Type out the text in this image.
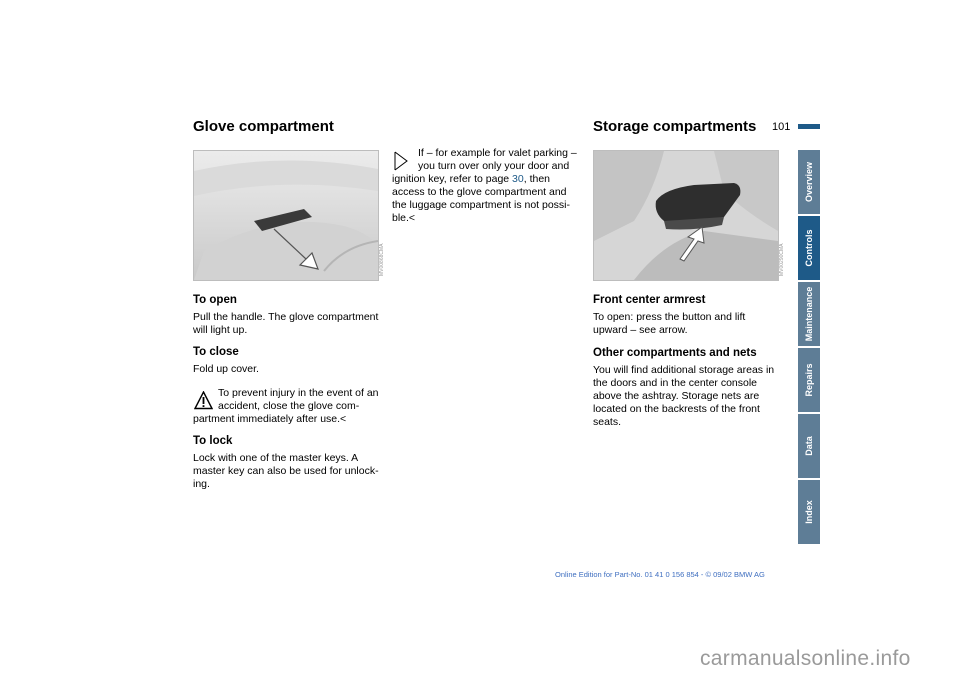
Glove compartment
MV00868CMA
To open
Pull the handle. The glove compartment
will light up.
To close
Fold up cover.
To prevent injury in the event of an
accident, close the glove com-
partment immediately after use.<
To lock
Lock with one of the master keys. A
master key can also be used for unlock-
ing.
If – for example for valet parking –
you turn over only your door and
ignition key, refer to page 30, then
access to the glove compartment and
the luggage compartment is not possi-
ble.<
Storage compartments 101
MV00290CMA
Front center armrest
To open: press the button and lift
upward – see arrow.
Other compartments and nets
You will find additional storage areas in
the doors and in the center console
above the ashtray. Storage nets are
located on the backrests of the front
seats.
Overview
Controls
Maintenance
Repairs
Data
Index
Online Edition for Part-No. 01 41 0 156 854 - © 09/02 BMW AG
carmanualsonline.info
